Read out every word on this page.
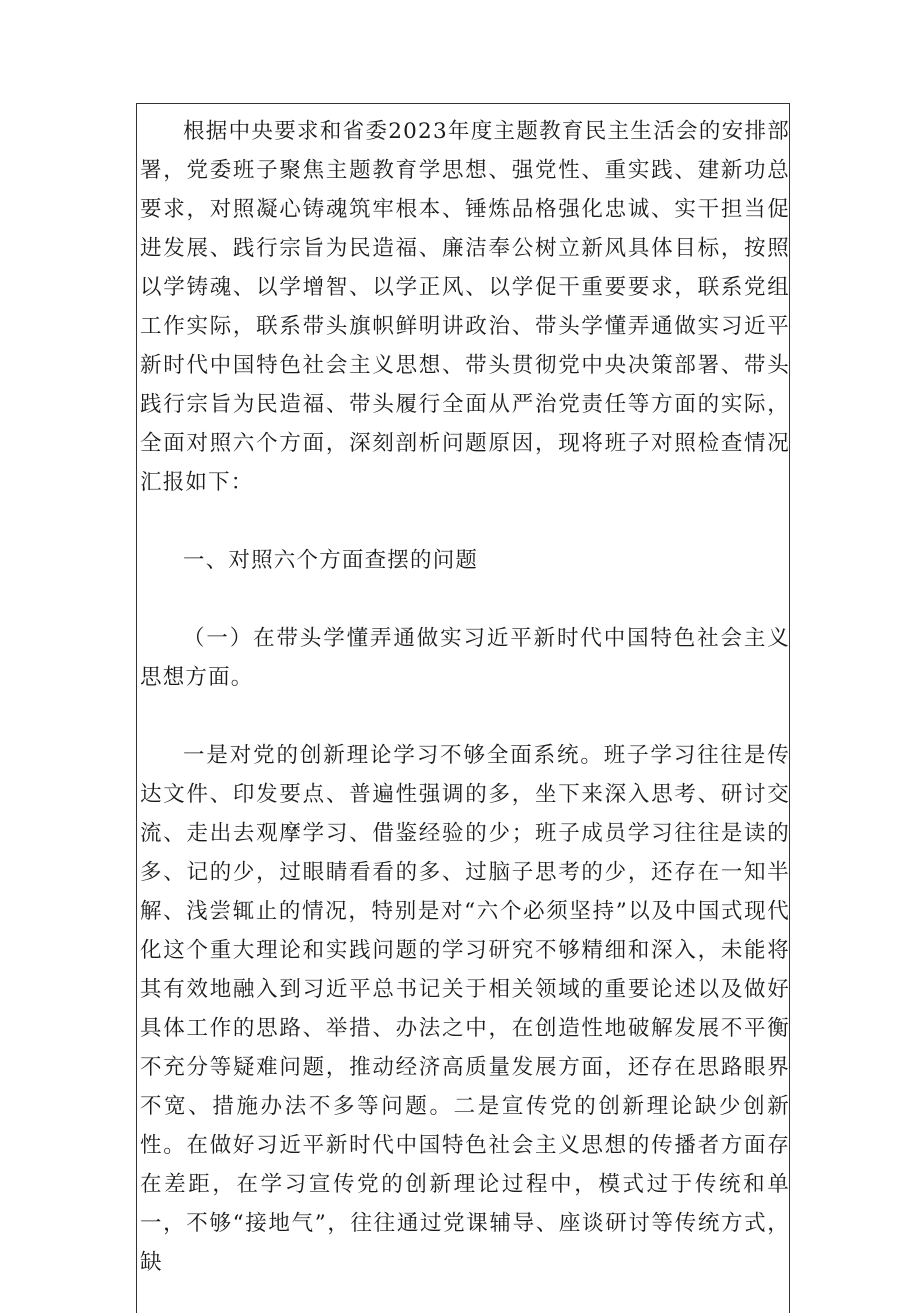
根据中央要求和省委2023年度主题教育民主生活会的安排部署，党委班子聚焦主题教育学思想、强党性、重实践、建新功总要求，对照凝心铸魂筑牢根本、锤炼品格强化忠诚、实干担当促进发展、践行宗旨为民造福、廉洁奉公树立新风具体目标，按照以学铸魂、以学增智、以学正风、以学促干重要要求，联系党组工作实际，联系带头旗帜鲜明讲政治、带头学懂弄通做实习近平新时代中国特色社会主义思想、带头贯彻党中央决策部署、带头践行宗旨为民造福、带头履行全面从严治党责任等方面的实际，全面对照六个方面，深刻剖析问题原因，现将班子对照检查情况汇报如下：

一、对照六个方面查摆的问题

（一）在带头学懂弄通做实习近平新时代中国特色社会主义思想方面。

一是对党的创新理论学习不够全面系统。班子学习往往是传达文件、印发要点、普遍性强调的多，坐下来深入思考、研讨交流、走出去观摩学习、借鉴经验的少；班子成员学习往往是读的多、记的少，过眼睛看看的多、过脑子思考的少，还存在一知半解、浅尝辄止的情况，特别是对“六个必须坚持”以及中国式现代化这个重大理论和实践问题的学习研究不够精细和深入，未能将其有效地融入到习近平总书记关于相关领域的重要论述以及做好具体工作的思路、举措、办法之中，在创造性地破解发展不平衡不充分等疑难问题，推动经济高质量发展方面，还存在思路眼界不宽、措施办法不多等问题。二是宣传党的创新理论缺少创新性。在做好习近平新时代中国特色社会主义思想的传播者方面存在差距，在学习宣传党的创新理论过程中，模式过于传统和单一，不够“接地气”，往往通过党课辅导、座谈研讨等传统方式，缺
